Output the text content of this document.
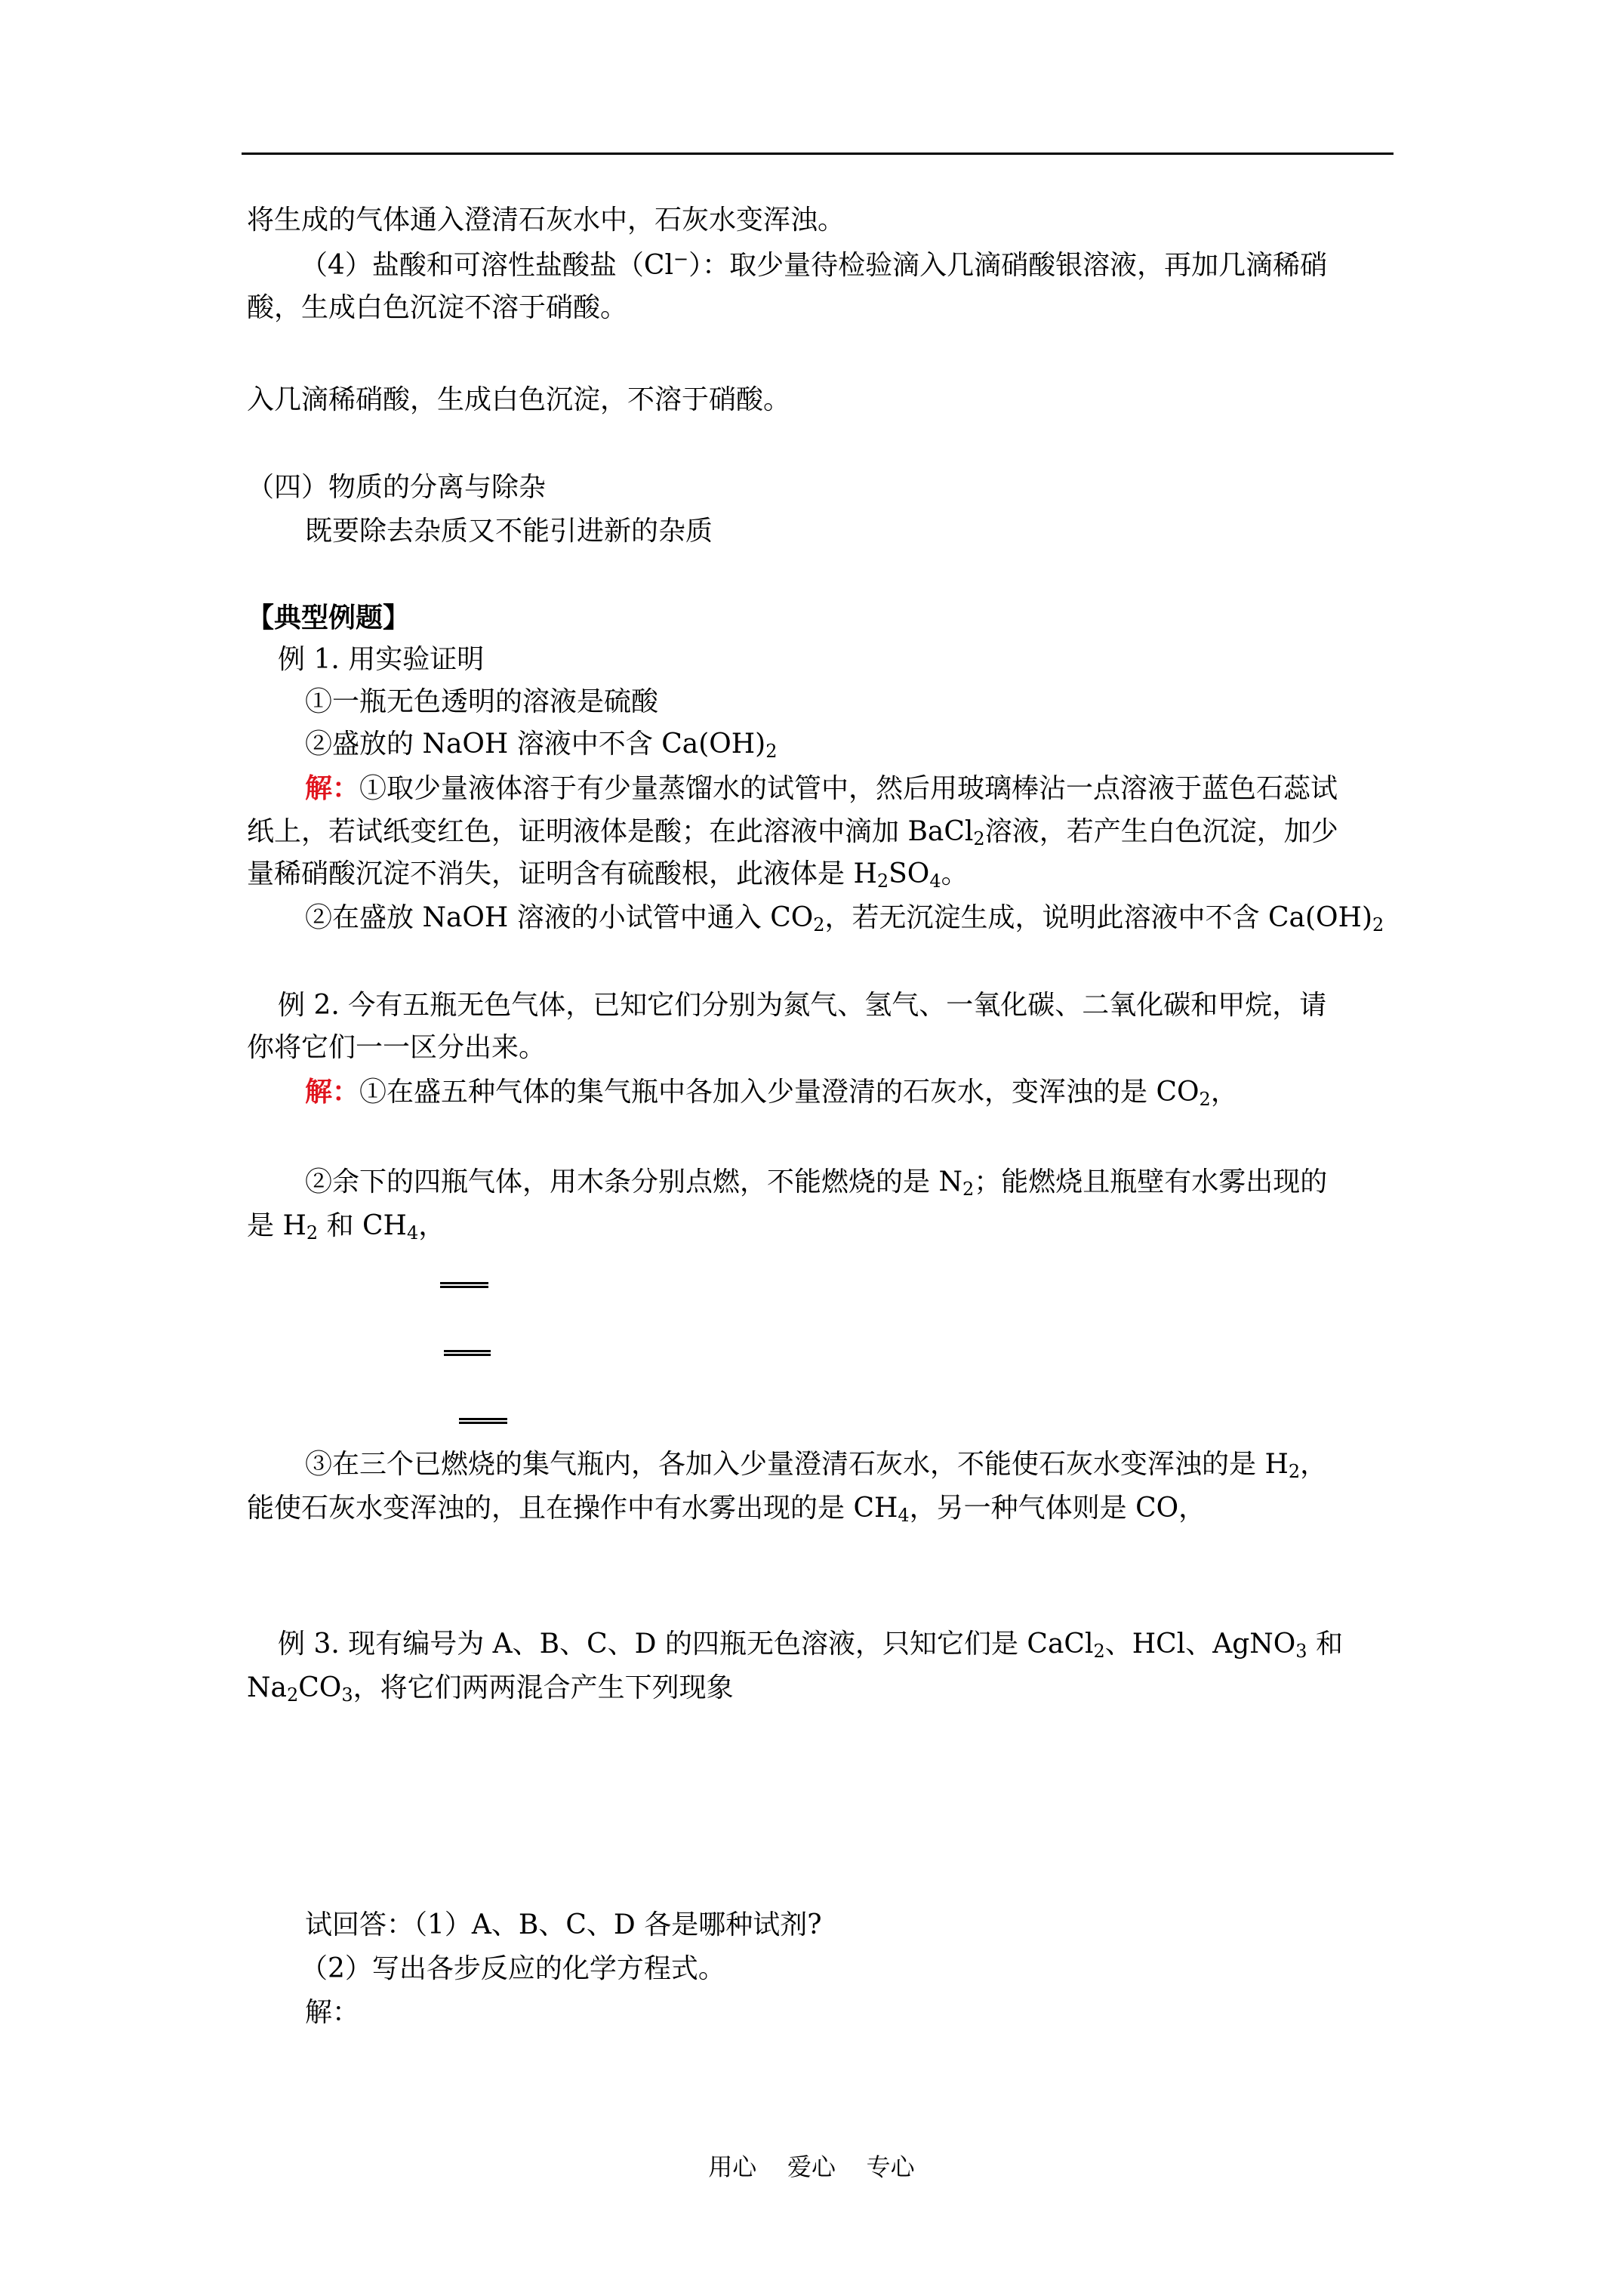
将生成的气体通入澄清石灰水中，石灰水变浑浊。
（4）盐酸和可溶性盐酸盐（Cl−）：取少量待检验滴入几滴硝酸银溶液，再加几滴稀硝
酸，生成白色沉淀不溶于硝酸。
入几滴稀硝酸，生成白色沉淀，不溶于硝酸。
（四）物质的分离与除杂
既要除去杂质又不能引进新的杂质
【典型例题】
例 1. 用实验证明
①一瓶无色透明的溶液是硫酸
②盛放的 NaOH 溶液中不含 $Ca(OH)_2$
解：①取少量液体溶于有少量蒸馏水的试管中，然后用玻璃棒沾一点溶液于蓝色石蕊试
纸上，若试纸变红色，证明液体是酸；在此溶液中滴加 BaCl$_2$溶液，若产生白色沉淀，加少
量稀硝酸沉淀不消失，证明含有硫酸根，此液体是 $H_2SO_4$。
②在盛放 NaOH 溶液的小试管中通入 $CO_2$，若无沉淀生成，说明此溶液中不含 $Ca(OH)_2$
例 2. 今有五瓶无色气体，已知它们分别为氮气、氢气、一氧化碳、二氧化碳和甲烷，请
你将它们一一区分出来。
解：①在盛五种气体的集气瓶中各加入少量澄清的石灰水，变浑浊的是 $CO_2$，
②余下的四瓶气体，用木条分别点燃，不能燃烧的是 $N_2$；能燃烧且瓶壁有水雾出现的
是 $H_2$ 和 $CH_4$，
③在三个已燃烧的集气瓶内，各加入少量澄清石灰水，不能使石灰水变浑浊的是 $H_2$，
能使石灰水变浑浊的，且在操作中有水雾出现的是 $CH_4$，另一种气体则是 CO，
例 3. 现有编号为 A、B、C、D 的四瓶无色溶液，只知它们是 CaCl$_2$、HCl、AgNO$_3$ 和
$Na_2CO_3$，将它们两两混合产生下列现象
试回答：（1）A、B、C、D 各是哪种试剂?
（2）写出各步反应的化学方程式。
解：
用心    爱心    专心
